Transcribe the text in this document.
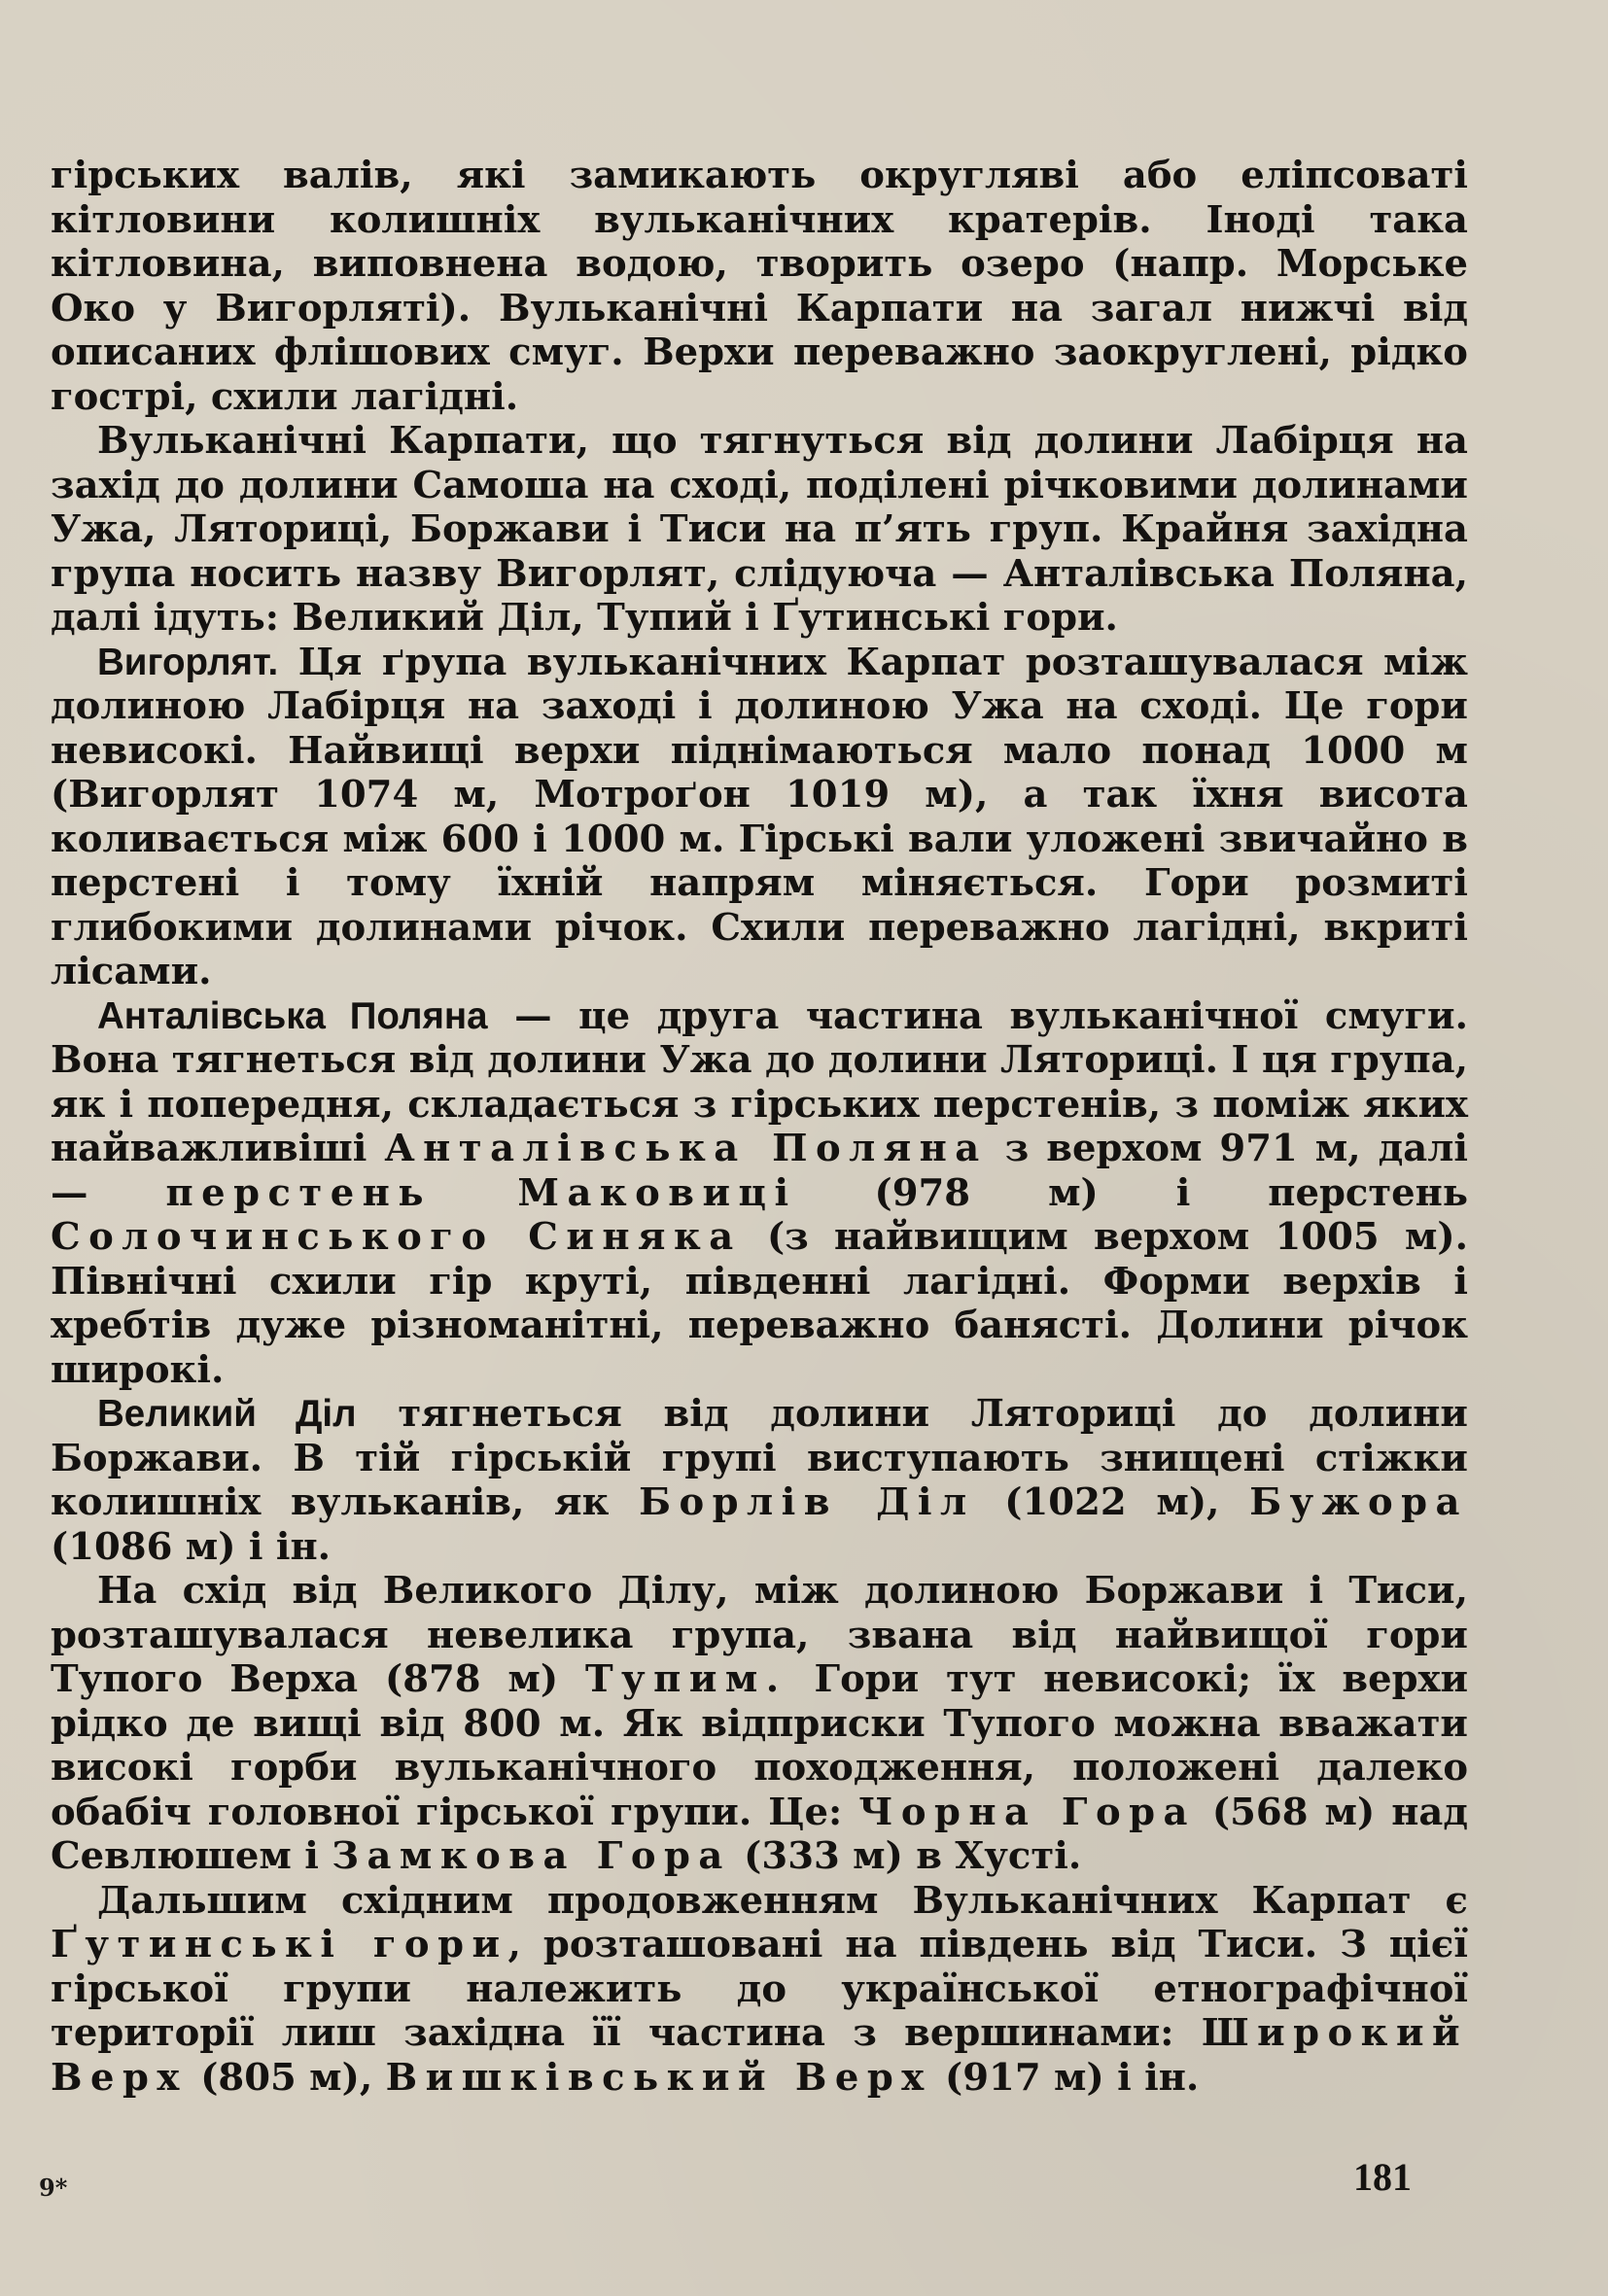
гірських валів, які замикають округляві або еліпсоваті кітловини колишніх вульканічних кратерів. Іноді така кітловина, виповнена водою, творить озеро (напр. Морське Око у Вигорляті). Вульканічні Карпати на загал нижчі від описаних флішових смуг. Верхи переважно заокруглені, рідко гострі, схили лагідні.

Вульканічні Карпати, що тягнуться від долини Лабірця на захід до долини Самоша на сході, поділені річковими долинами Ужа, Ляториці, Боржави і Тиси на п’ять груп. Крайня західна група носить назву Вигорлят, слідуюча — Анталівська Поляна, далі ідуть: Великий Діл, Тупий і Ґутинські гори.

Вигорлят. Ця ґрупа вульканічних Карпат розташувалася між долиною Лабірця на заході і долиною Ужа на сході. Це гори невисокі. Найвищі верхи піднімаються мало понад 1000 м (Вигорлят 1074 м, Мотроґон 1019 м), а так їхня висота коливається між 600 і 1000 м. Гірські вали уложені звичайно в перстені і тому їхній напрям міняється. Гори розмиті глибокими долинами річок. Схили переважно лагідні, вкриті лісами.

Анталівська Поляна — це друга частина вульканічної смуги. Вона тягнеться від долини Ужа до долини Ляториці. І ця група, як і попередня, складається з гірських перстенів, з поміж яких найважливіші Анталівська Поляна з верхом 971 м, далі — перстень Маковиці (978 м) і перстень Солочинського Синяка (з найвищим верхом 1005 м). Північні схили гір круті, південні лагідні. Форми верхів і хребтів дуже різноманітні, переважно банясті. Долини річок широкі.

Великий Діл тягнеться від долини Ляториці до долини Боржави. В тій гірській групі виступають знищені стіжки колишніх вульканів, як Борлів Діл (1022 м), Бужора (1086 м) і ін.

На схід від Великого Ділу, між долиною Боржави і Тиси, розташувалася невелика група, звана від найвищої гори Тупого Верха (878 м) Тупим. Гори тут невисокі; їх верхи рідко де вищі від 800 м. Як відприски Тупого можна вважати високі горби вульканічного походження, положені далеко обабіч головної гірської групи. Це: Чорна Гора (568 м) над Севлюшем і Замкова Гора (333 м) в Хусті.

Дальшим східним продовженням Вульканічних Карпат є Ґутинські гори, розташовані на південь від Тиси. З цієї гірської групи належить до української етнографічної території лиш західна її частина з вершинами: Широкий Верх (805 м), Вишківський Верх (917 м) і ін.

9*	181
